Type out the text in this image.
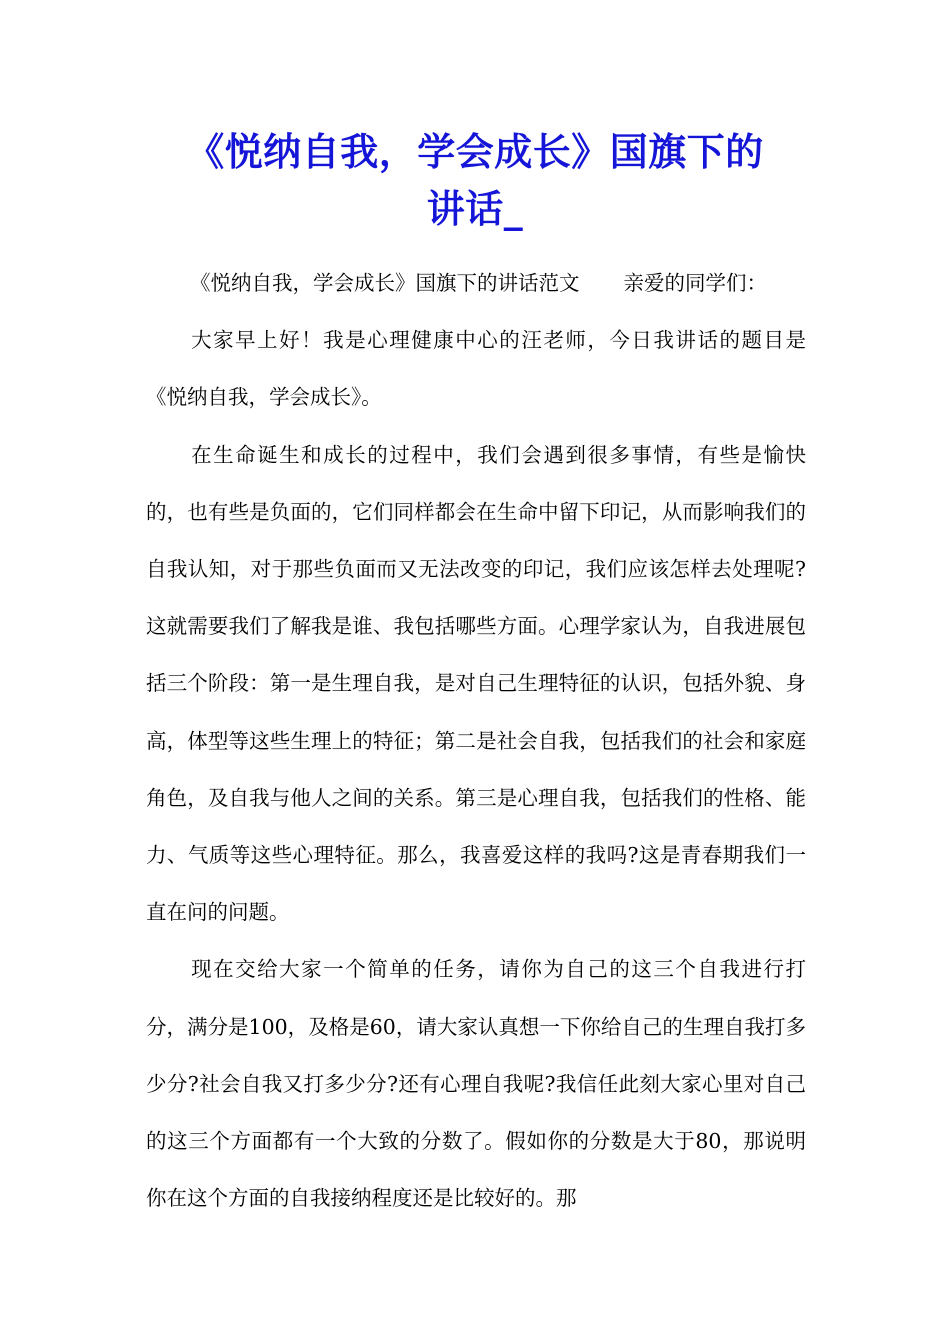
《悦纳自我，学会成长》国旗下的
讲话_

《悦纳自我，学会成长》国旗下的讲话范文 亲爱的同学们：

大家早上好！我是心理健康中心的汪老师，今日我讲话的题目是《悦纳自我，学会成长》。

在生命诞生和成长的过程中，我们会遇到很多事情，有些是愉快的，也有些是负面的，它们同样都会在生命中留下印记，从而影响我们的自我认知，对于那些负面而又无法改变的印记，我们应该怎样去处理呢?这就需要我们了解我是谁、我包括哪些方面。心理学家认为，自我进展包括三个阶段：第一是生理自我，是对自己生理特征的认识，包括外貌、身高，体型等这些生理上的特征；第二是社会自我，包括我们的社会和家庭角色，及自我与他人之间的关系。第三是心理自我，包括我们的性格、能力、气质等这些心理特征。那么，我喜爱这样的我吗?这是青春期我们一直在问的问题。

现在交给大家一个简单的任务，请你为自己的这三个自我进行打分，满分是100，及格是60，请大家认真想一下你给自己的生理自我打多少分?社会自我又打多少分?还有心理自我呢?我信任此刻大家心里对自己的这三个方面都有一个大致的分数了。假如你的分数是大于80，那说明你在这个方面的自我接纳程度还是比较好的。那
